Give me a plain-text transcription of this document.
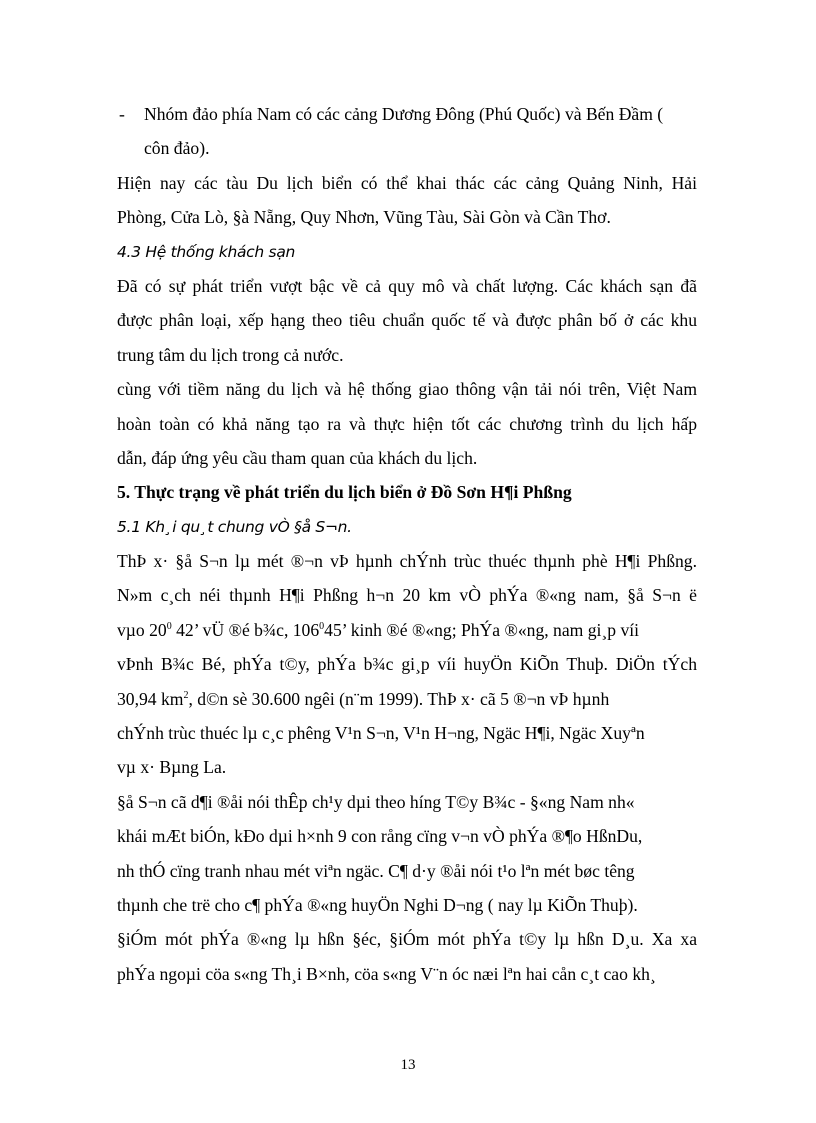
- Nhóm đảo phía Nam có các cảng Dương Đông (Phú Quốc) và Bến Đầm (
côn đảo).
Hiện nay các tàu Du lịch biển có thể khai thác các cảng Quảng Ninh, Hải
Phòng, Cửa Lò, §à Nẵng, Quy Nhơn, Vũng Tàu, Sài Gòn và Cần Thơ.
4.3 Hệ thống khách sạn
Đã có sự phát triển vượt bậc về cả quy mô và chất lượng. Các khách sạn đã
được phân loại, xếp hạng theo tiêu chuẩn quốc tế và được phân bố ở các khu
trung tâm du lịch trong cả nước.
cùng với tiềm năng du lịch và hệ thống giao thông vận tải nói trên, Việt Nam
hoàn toàn có khả năng tạo ra và thực hiện tốt các chương trình du lịch hấp
dẫn, đáp ứng yêu cầu tham quan của khách du lịch.
5. Thực trạng về phát triển du lịch biển ở Đồ Sơn H¶i Phßng
5.1 Kh¸i qu¸t chung vÒ §å S¬n.
ThÞ x· §å S¬n lµ mét ®¬n vÞ hµnh chÝnh trùc thuéc thµnh phè H¶i Phßng.
N»m c¸ch néi thµnh H¶i Phßng h¬n 20 km vÒ phÝa ®«ng nam, §å S¬n ë
vµo $20^0$ 42’ vÜ ®é b¾c, $106^045$’ kinh ®é ®«ng; PhÝa ®«ng, nam gi¸p víi
vÞnh B¾c Bé, phÝa t©y, phÝa b¾c gi¸p víi huyÖn KiÕn Thuþ. DiÖn tÝch
30,94 $km^2$, d©n sè 30.600 ngêi (n¨m 1999). ThÞ x· cã 5 ®¬n vÞ hµnh
chÝnh trùc thuéc lµ c¸c phêng V¹n S¬n, V¹n H¬ng, Ngäc H¶i, Ngäc Xuyªn
vµ x· Bµng La.
§å S¬n cã d¶i ®åi nói thÊp ch¹y dµi theo híng T©y B¾c - §«ng Nam nh«
khái mÆt biÓn, kÐo dµi h×nh 9 con rång cïng v¬n vÒ phÝa ®¶o HßnDu,
nh thÓ cïng tranh nhau mét viªn ngäc. C¶ d·y ®åi nói t¹o lªn mét bøc têng
thµnh che trë cho c¶ phÝa ®«ng huyÖn Nghi D¬ng ( nay lµ KiÕn Thuþ).
§iÓm mót phÝa ®«ng lµ hßn §éc, §iÓm mót phÝa t©y lµ hßn D¸u. Xa xa
phÝa ngoµi cöa s«ng Th¸i B×nh, cöa s«ng V¨n óc næi lªn hai cån c¸t cao kh¸
13
